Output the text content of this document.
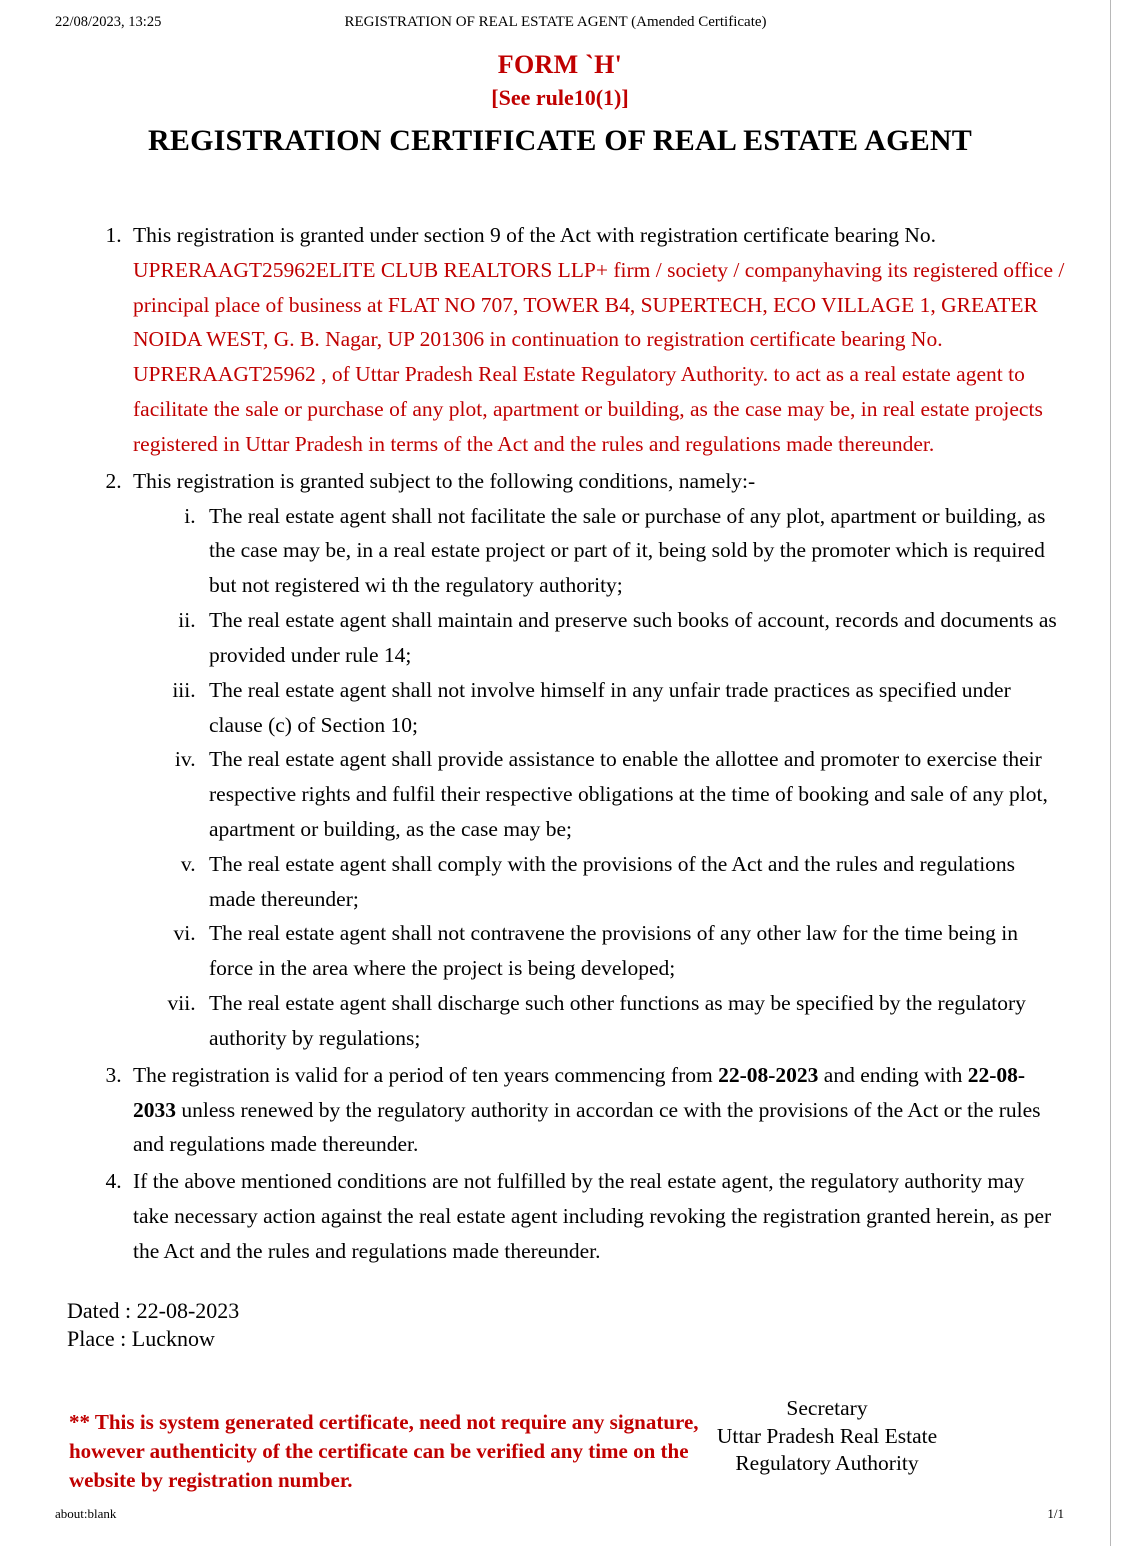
22/08/2023, 13:25	REGISTRATION OF REAL ESTATE AGENT (Amended Certificate)
FORM `H'
[See rule10(1)]
REGISTRATION CERTIFICATE OF REAL ESTATE AGENT
1. This registration is granted under section 9 of the Act with registration certificate bearing No. UPRERAAGT25962ELITE CLUB REALTORS LLP+ firm / society / companyhaving its registered office / principal place of business at FLAT NO 707, TOWER B4, SUPERTECH, ECO VILLAGE 1, GREATER NOIDA WEST, G. B. Nagar, UP 201306 in continuation to registration certificate bearing No. UPRERAAGT25962 , of Uttar Pradesh Real Estate Regulatory Authority. to act as a real estate agent to facilitate the sale or purchase of any plot, apartment or building, as the case may be, in real estate projects registered in Uttar Pradesh in terms of the Act and the rules and regulations made thereunder.
2. This registration is granted subject to the following conditions, namely:-
i. The real estate agent shall not facilitate the sale or purchase of any plot, apartment or building, as the case may be, in a real estate project or part of it, being sold by the promoter which is required but not registered wi th the regulatory authority;
ii. The real estate agent shall maintain and preserve such books of account, records and documents as provided under rule 14;
iii. The real estate agent shall not involve himself in any unfair trade practices as specified under clause (c) of Section 10;
iv. The real estate agent shall provide assistance to enable the allottee and promoter to exercise their respective rights and fulfil their respective obligations at the time of booking and sale of any plot, apartment or building, as the case may be;
v. The real estate agent shall comply with the provisions of the Act and the rules and regulations made thereunder;
vi. The real estate agent shall not contravene the provisions of any other law for the time being in force in the area where the project is being developed;
vii. The real estate agent shall discharge such other functions as may be specified by the regulatory authority by regulations;
3. The registration is valid for a period of ten years commencing from 22-08-2023 and ending with 22-08-2033 unless renewed by the regulatory authority in accordan ce with the provisions of the Act or the rules and regulations made thereunder.
4. If the above mentioned conditions are not fulfilled by the real estate agent, the regulatory authority may take necessary action against the real estate agent including revoking the registration granted herein, as per the Act and the rules and regulations made thereunder.
Dated : 22-08-2023
Place : Lucknow
Secretary
Uttar Pradesh Real Estate
Regulatory Authority
** This is system generated certificate, need not require any signature, however authenticity of the certificate can be verified any time on the website by registration number.
about:blank	1/1
